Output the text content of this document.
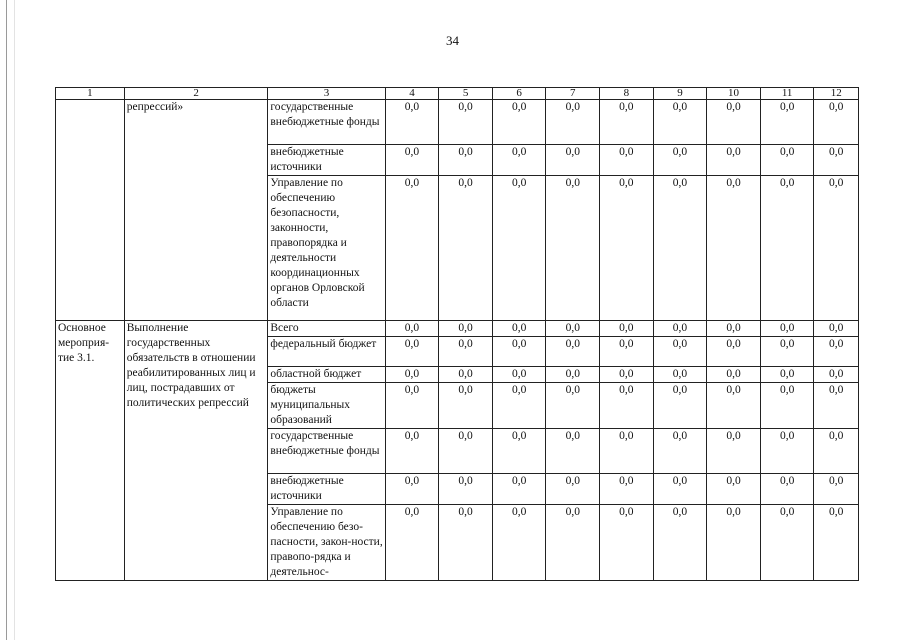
34
1	2	3	4	5	6	7	8	9	10	11	12
	репрессий»	государственные внебюджетные фонды	0,0	0,0	0,0	0,0	0,0	0,0	0,0	0,0	0,0
		внебюджетные источники	0,0	0,0	0,0	0,0	0,0	0,0	0,0	0,0	0,0
		Управление по обеспечению безопасности, законности, правопорядка и деятельности координационных органов Орловской области	0,0	0,0	0,0	0,0	0,0	0,0	0,0	0,0	0,0
Основное мероприя-тие 3.1.	Выполнение государственных обязательств в отношении реабилитированных лиц и лиц, пострадавших от политических репрессий	Всего	0,0	0,0	0,0	0,0	0,0	0,0	0,0	0,0	0,0
		федеральный бюджет	0,0	0,0	0,0	0,0	0,0	0,0	0,0	0,0	0,0
		областной бюджет	0,0	0,0	0,0	0,0	0,0	0,0	0,0	0,0	0,0
		бюджеты муниципальных образований	0,0	0,0	0,0	0,0	0,0	0,0	0,0	0,0	0,0
		государственные внебюджетные фонды	0,0	0,0	0,0	0,0	0,0	0,0	0,0	0,0	0,0
		внебюджетные источники	0,0	0,0	0,0	0,0	0,0	0,0	0,0	0,0	0,0
		Управление по обеспечению безо-пасности, закон-ности, правопо-рядка и деятельнос-	0,0	0,0	0,0	0,0	0,0	0,0	0,0	0,0	0,0
